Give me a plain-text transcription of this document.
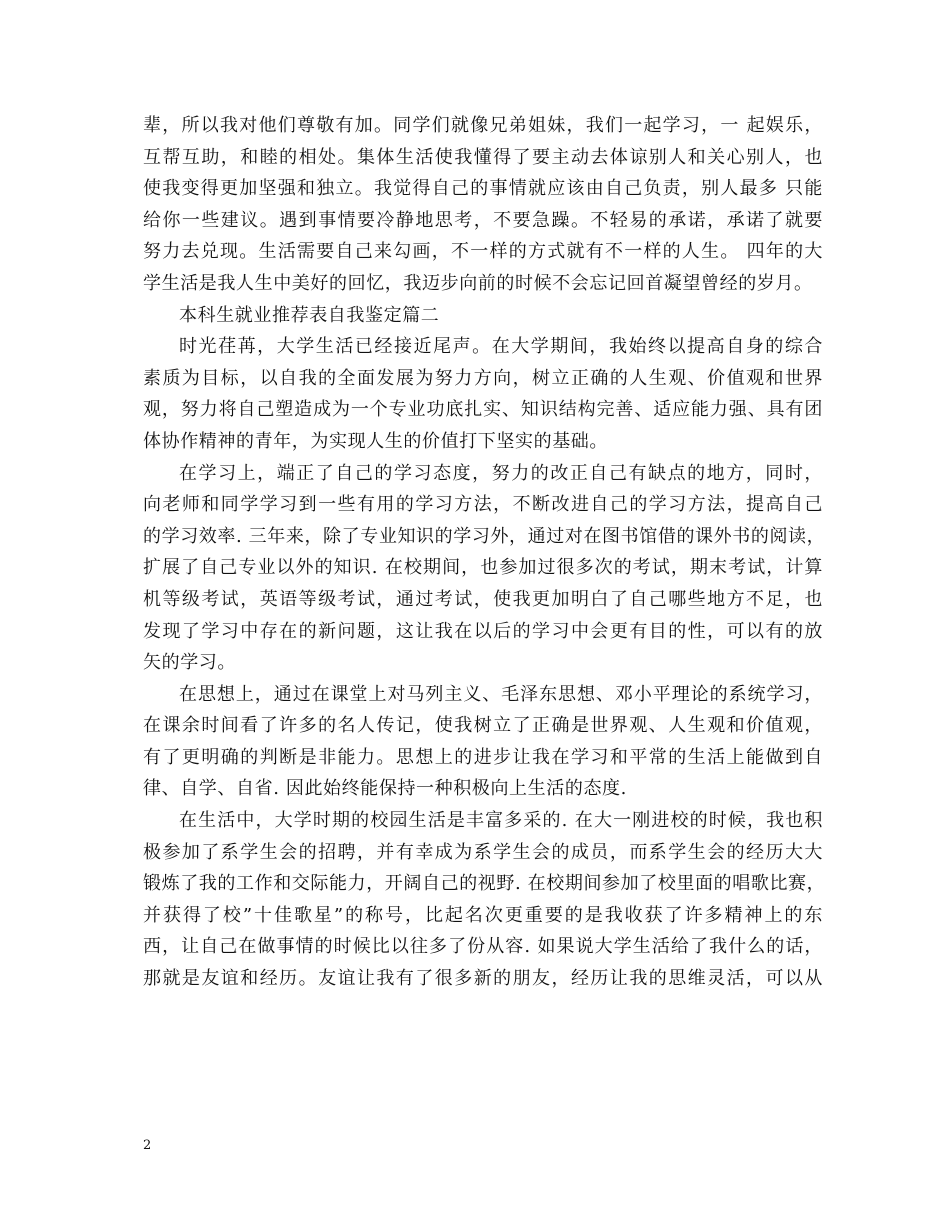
辈，所以我对他们尊敬有加。同学们就像兄弟姐妹，我们一起学习，一 起娱乐，
互帮互助，和睦的相处。集体生活使我懂得了要主动去体谅别人和关心别人，也
使我变得更加坚强和独立。我觉得自己的事情就应该由自己负责，别人最多 只能
给你一些建议。遇到事情要冷静地思考，不要急躁。不轻易的承诺，承诺了就要
努力去兑现。生活需要自己来勾画，不一样的方式就有不一样的人生。 四年的大
学生活是我人生中美好的回忆，我迈步向前的时候不会忘记回首凝望曾经的岁月。
本科生就业推荐表自我鉴定篇二
时光荏苒，大学生活已经接近尾声。在大学期间，我始终以提高自身的综合
素质为目标，以自我的全面发展为努力方向，树立正确的人生观、价值观和世界
观，努力将自己塑造成为一个专业功底扎实、知识结构完善、适应能力强、具有团
体协作精神的青年，为实现人生的价值打下坚实的基础。
在学习上，端正了自己的学习态度，努力的改正自己有缺点的地方，同时，
向老师和同学学习到一些有用的学习方法，不断改进自己的学习方法，提高自己
的学习效率. 三年来，除了专业知识的学习外，通过对在图书馆借的课外书的阅读，
扩展了自己专业以外的知识. 在校期间，也参加过很多次的考试，期末考试，计算
机等级考试，英语等级考试，通过考试，使我更加明白了自己哪些地方不足，也
发现了学习中存在的新问题，这让我在以后的学习中会更有目的性，可以有的放
矢的学习。
在思想上，通过在课堂上对马列主义、毛泽东思想、邓小平理论的系统学习，
在课余时间看了许多的名人传记，使我树立了正确是世界观、人生观和价值观，
有了更明确的判断是非能力。思想上的进步让我在学习和平常的生活上能做到自
律、自学、自省. 因此始终能保持一种积极向上生活的态度.
在生活中，大学时期的校园生活是丰富多采的. 在大一刚进校的时候，我也积
极参加了系学生会的招聘，并有幸成为系学生会的成员，而系学生会的经历大大
锻炼了我的工作和交际能力，开阔自己的视野. 在校期间参加了校里面的唱歌比赛，
并获得了校”十佳歌星”的称号，比起名次更重要的是我收获了许多精神上的东
西，让自己在做事情的时候比以往多了份从容. 如果说大学生活给了我什么的话，
那就是友谊和经历。友谊让我有了很多新的朋友，经历让我的思维灵活，可以从
2
